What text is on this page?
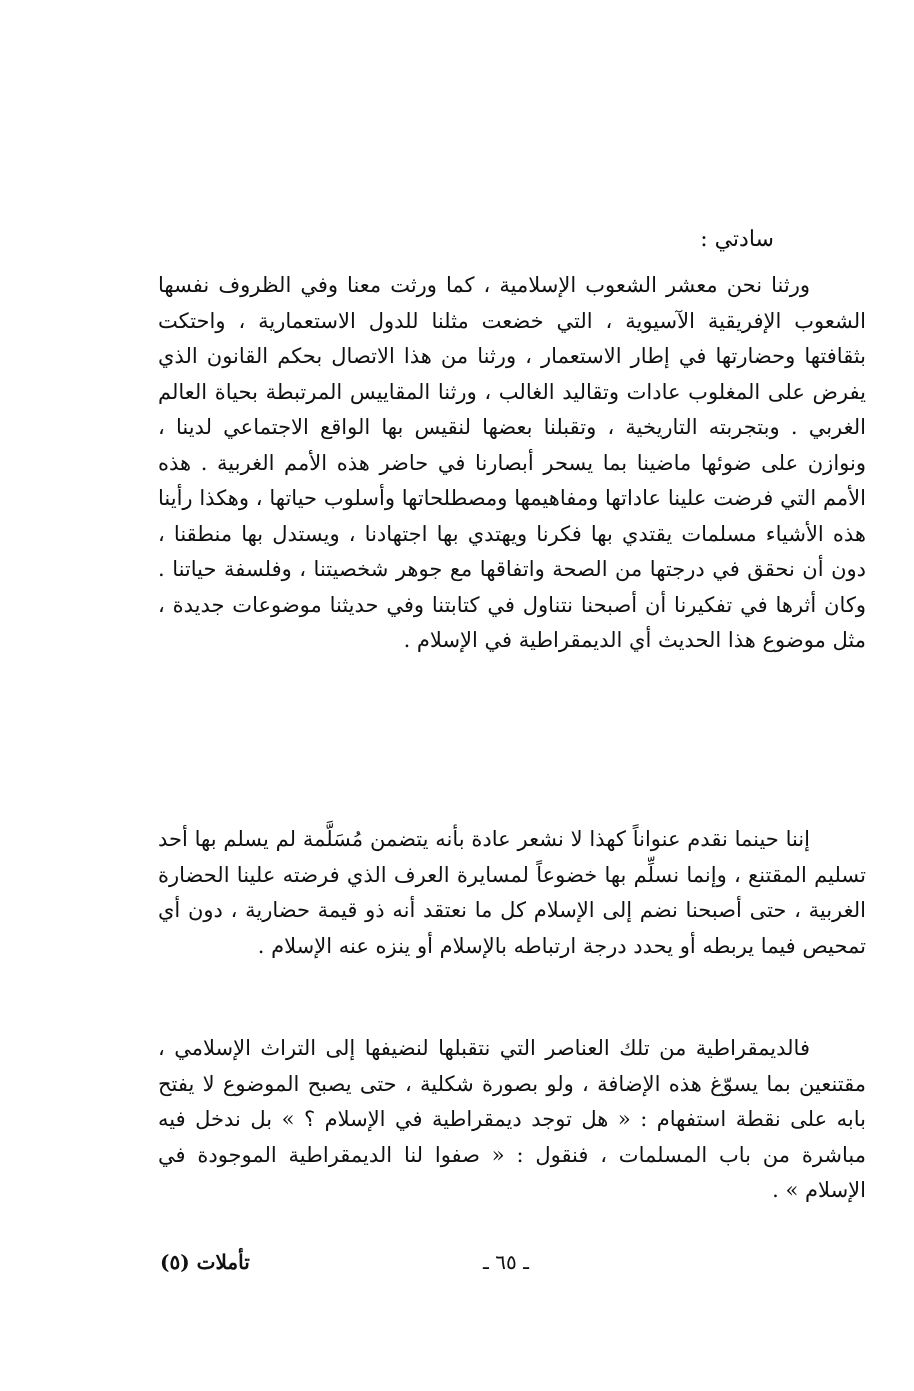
سادتي :

ورثنا نحن معشر الشعوب الإسلامية ، كما ورثت معنا وفي الظروف نفسها الشعوب الإفريقية الآسيوية ، التي خضعت مثلنا للدول الاستعمارية ، واحتكت بثقافتها وحضارتها في إطار الاستعمار ، ورثنا من هذا الاتصال بحكم القانون الذي يفرض على المغلوب عادات وتقاليد الغالب ، ورثنا المقاييس المرتبطة بحياة العالم الغربي . وبتجربته التاريخية ، وتقبلنا بعضها لنقيس بها الواقع الاجتماعي لدينا ، ونوازن على ضوئها ماضينا بما يسحر أبصارنا في حاضر هذه الأمم الغربية . هذه الأمم التي فرضت علينا عاداتها ومفاهيمها ومصطلحاتها وأسلوب حياتها ، وهكذا رأينا هذه الأشياء مسلمات يقتدي بها فكرنا ويهتدي بها اجتهادنا ، ويستدل بها منطقنا ، دون أن نحقق في درجتها من الصحة واتفاقها مع جوهر شخصيتنا ، وفلسفة حياتنا . وكان أثرها في تفكيرنا أن أصبحنا نتناول في كتابتنا وفي حديثنا موضوعات جديدة ، مثل موضوع هذا الحديث أي الديمقراطية في الإسلام .

إننا حينما نقدم عنواناً كهذا لا نشعر عادة بأنه يتضمن مُسَلَّمة لم يسلم بها أحد تسليم المقتنع ، وإنما نسلِّم بها خضوعاً لمسايرة العرف الذي فرضته علينا الحضارة الغربية ، حتى أصبحنا نضم إلى الإسلام كل ما نعتقد أنه ذو قيمة حضارية ، دون أي تمحيص فيما يربطه أو يحدد درجة ارتباطه بالإسلام أو ينزه عنه الإسلام .

فالديمقراطية من تلك العناصر التي نتقبلها لنضيفها إلى التراث الإسلامي ، مقتنعين بما يسوّغ هذه الإضافة ، ولو بصورة شكلية ، حتى يصبح الموضوع لا يفتح بابه على نقطة استفهام : « هل توجد ديمقراطية في الإسلام ؟ » بل ندخل فيه مباشرة من باب المسلمات ، فنقول : « صفوا لنا الديمقراطية الموجودة في الإسلام » .

تأملات (٥)	ـ ٦٥ ـ
